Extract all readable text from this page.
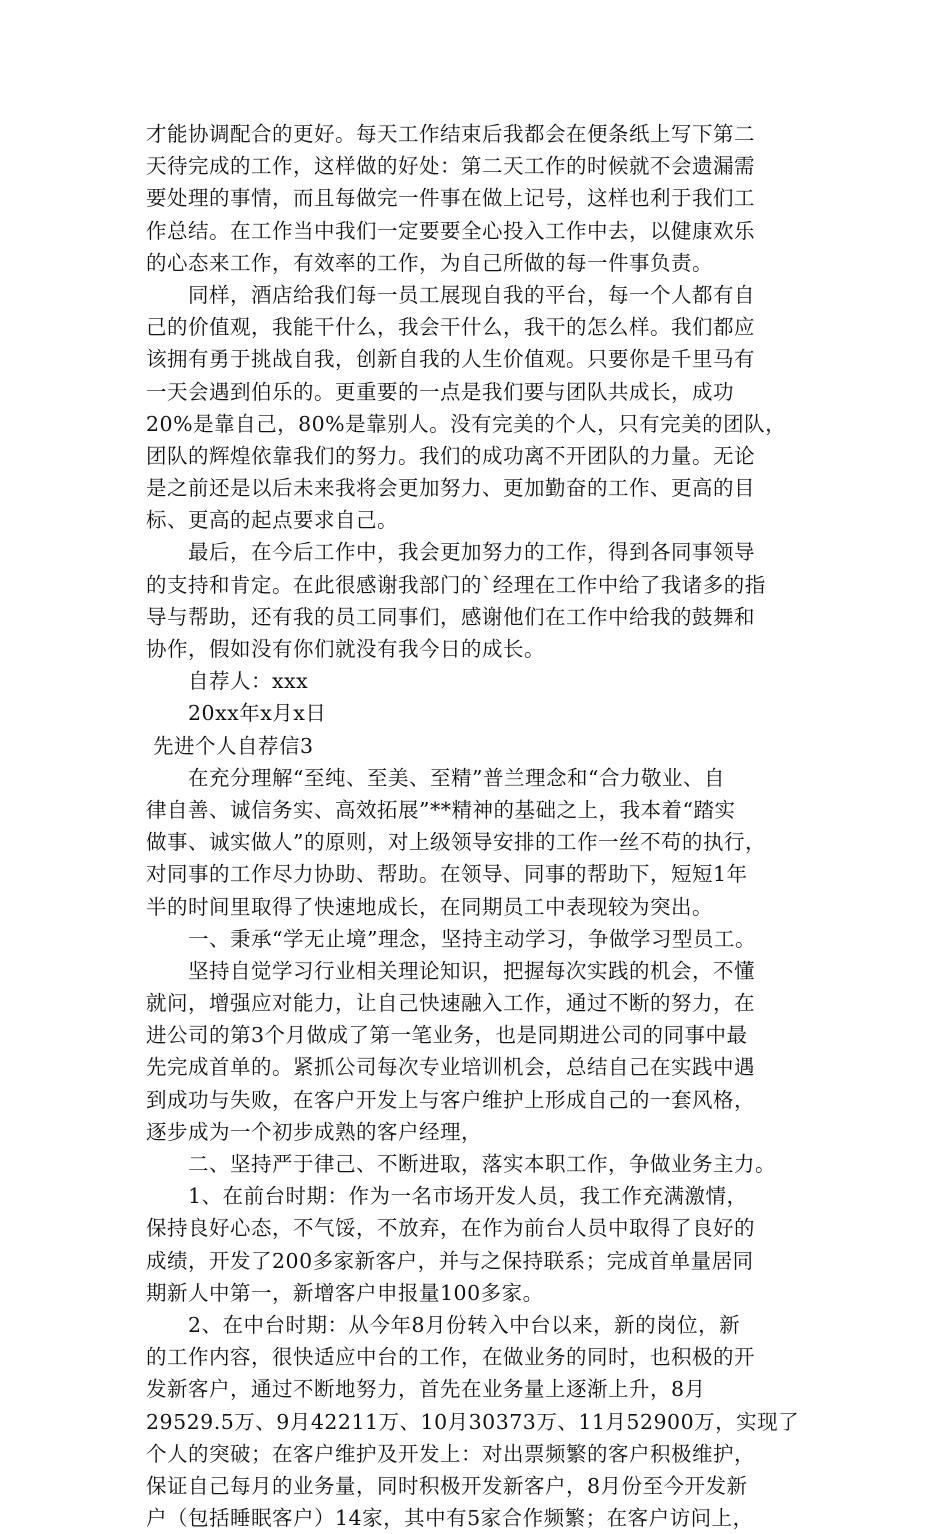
才能协调配合的更好。每天工作结束后我都会在便条纸上写下第二
天待完成的工作，这样做的好处：第二天工作的时候就不会遗漏需
要处理的事情，而且每做完一件事在做上记号，这样也利于我们工
作总结。在工作当中我们一定要要全心投入工作中去，以健康欢乐
的心态来工作，有效率的工作，为自己所做的每一件事负责。
　　同样，酒店给我们每一员工展现自我的平台，每一个人都有自
己的价值观，我能干什么，我会干什么，我干的怎么样。我们都应
该拥有勇于挑战自我，创新自我的人生价值观。只要你是千里马有
一天会遇到伯乐的。更重要的一点是我们要与团队共成长，成功
20%是靠自己，80%是靠别人。没有完美的个人，只有完美的团队，
团队的辉煌依靠我们的努力。我们的成功离不开团队的力量。无论
是之前还是以后未来我将会更加努力、更加勤奋的工作、更高的目
标、更高的起点要求自己。
　　最后，在今后工作中，我会更加努力的工作，得到各同事领导
的支持和肯定。在此很感谢我部门的`经理在工作中给了我诸多的指
导与帮助，还有我的员工同事们，感谢他们在工作中给我的鼓舞和
协作，假如没有你们就没有我今日的成长。
　　自荐人：xxx
　　20xx年x月x日
先进个人自荐信3
　　在充分理解“至纯、至美、至精”普兰理念和“合力敬业、自
律自善、诚信务实、高效拓展”**精神的基础之上，我本着“踏实
做事、诚实做人”的原则，对上级领导安排的工作一丝不苟的执行，
对同事的工作尽力协助、帮助。在领导、同事的帮助下，短短1年
半的时间里取得了快速地成长，在同期员工中表现较为突出。
　　一、秉承“学无止境”理念，坚持主动学习，争做学习型员工。
　　坚持自觉学习行业相关理论知识，把握每次实践的机会，不懂
就问，增强应对能力，让自己快速融入工作，通过不断的努力，在
进公司的第3个月做成了第一笔业务，也是同期进公司的同事中最
先完成首单的。紧抓公司每次专业培训机会，总结自己在实践中遇
到成功与失败，在客户开发上与客户维护上形成自己的一套风格，
逐步成为一个初步成熟的客户经理，
　　二、坚持严于律己、不断进取，落实本职工作，争做业务主力。
　　1、在前台时期：作为一名市场开发人员，我工作充满激情，
保持良好心态，不气馁，不放弃，在作为前台人员中取得了良好的
成绩，开发了200多家新客户，并与之保持联系；完成首单量居同
期新人中第一，新增客户申报量100多家。
　　2、在中台时期：从今年8月份转入中台以来，新的岗位，新
的工作内容，很快适应中台的工作，在做业务的同时，也积极的开
发新客户，通过不断地努力，首先在业务量上逐渐上升，8月
29529.5万、9月42211万、10月30373万、11月52900万，实现了
个人的突破；在客户维护及开发上：对出票频繁的客户积极维护，
保证自己每月的业务量，同时积极开发新客户，8月份至今开发新
户（包括睡眠客户）14家，其中有5家合作频繁；在客户访问上，
